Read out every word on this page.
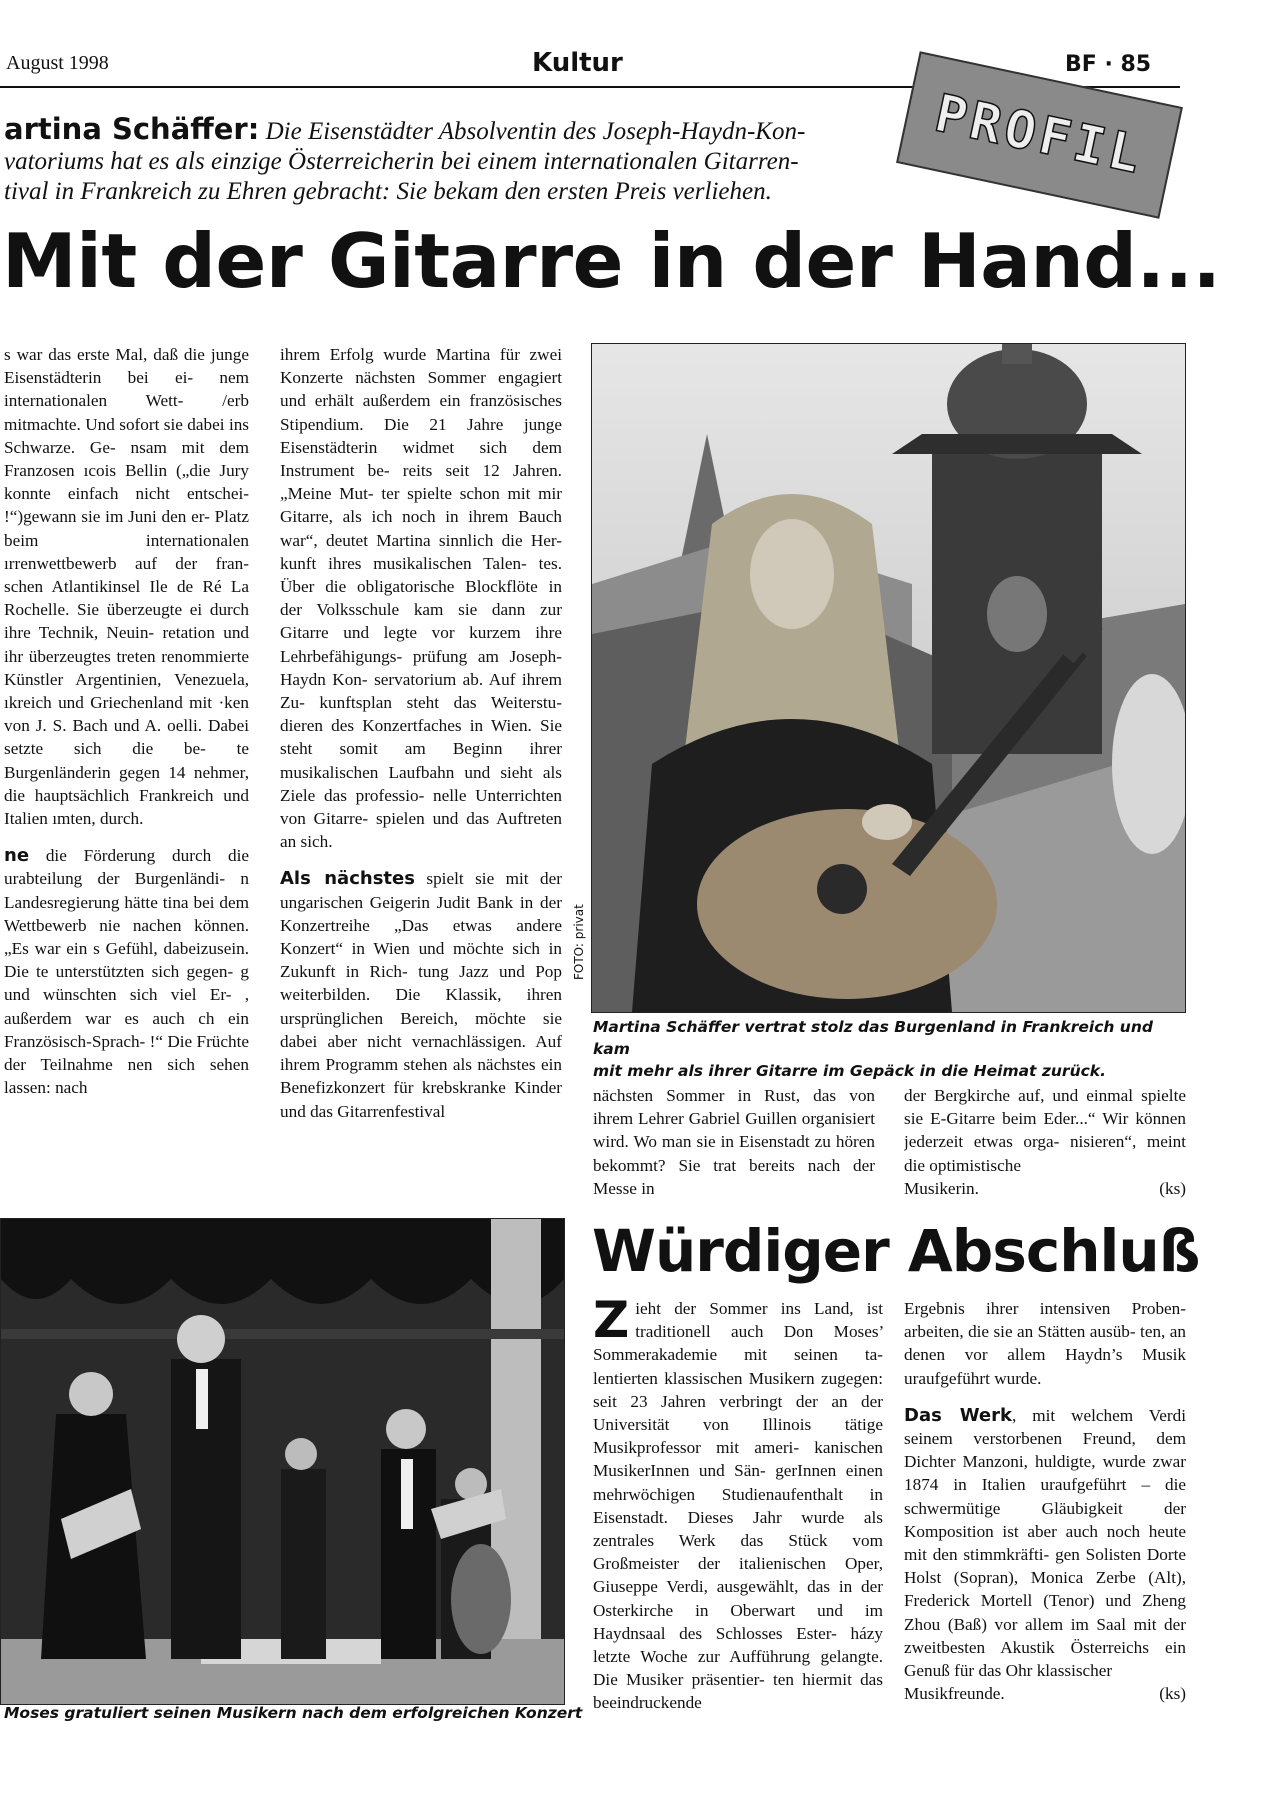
August 1998	Kultur	BF · 85
PROFIL
artina Schäffer: Die Eisenstädter Absolventin des Joseph-Haydn-Kon-
vatoriums hat es als einzige Österreicherin bei einem internationalen Gitarren-
tival in Frankreich zu Ehren gebracht: Sie bekam den ersten Preis verliehen.
Mit der Gitarre in der Hand...

s war das erste Mal, daß die junge Eisenstädterin bei ei- nem internationalen Wett- /erb mitmachte. Und sofort sie dabei ins Schwarze. Ge- nsam mit dem Franzosen ıcois Bellin („die Jury konnte einfach nicht entschei- !“)gewann sie im Juni den er- Platz beim internationalen ırrenwettbewerb auf der fran- schen Atlantikinsel Ile de Ré La Rochelle. Sie überzeugte ei durch ihre Technik, Neuin- retation und ihr überzeugtes treten renommierte Künstler Argentinien, Venezuela, ıkreich und Griechenland mit ·ken von J. S. Bach und A. oelli. Dabei setzte sich die be- te Burgenländerin gegen 14 nehmer, die hauptsächlich Frankreich und Italien ımten, durch.

ne die Förderung durch die urabteilung der Burgenländi- n Landesregierung hätte tina bei dem Wettbewerb nie nachen können. „Es war ein s Gefühl, dabeizusein. Die te unterstützten sich gegen- g und wünschten sich viel Er- , außerdem war es auch ch ein Französisch-Sprach- !“ Die Früchte der Teilnahme nen sich sehen lassen: nach

ihrem Erfolg wurde Martina für zwei Konzerte nächsten Sommer engagiert und erhält außerdem ein französisches Stipendium. Die 21 Jahre junge Eisenstädterin widmet sich dem Instrument be- reits seit 12 Jahren. „Meine Mut- ter spielte schon mit mir Gitarre, als ich noch in ihrem Bauch war“, deutet Martina sinnlich die Her- kunft ihres musikalischen Talen- tes. Über die obligatorische Blockflöte in der Volksschule kam sie dann zur Gitarre und legte vor kurzem ihre Lehrbefähigungs- prüfung am Joseph-Haydn Kon- servatorium ab. Auf ihrem Zu- kunftsplan steht das Weiterstu- dieren des Konzertfaches in Wien. Sie steht somit am Beginn ihrer musikalischen Laufbahn und sieht als Ziele das professio- nelle Unterrichten von Gitarre- spielen und das Auftreten an sich.

Als nächstes spielt sie mit der ungarischen Geigerin Judit Bank in der Konzertreihe „Das etwas andere Konzert“ in Wien und möchte sich in Zukunft in Rich- tung Jazz und Pop weiterbilden. Die Klassik, ihren ursprünglichen Bereich, möchte sie dabei aber nicht vernachlässigen. Auf ihrem Programm stehen als nächstes ein Benefizkonzert für krebskranke Kinder und das Gitarrenfestival

FOTO: privat
Martina Schäffer vertrat stolz das Burgenland in Frankreich und kam
mit mehr als ihrer Gitarre im Gepäck in die Heimat zurück.

nächsten Sommer in Rust, das von ihrem Lehrer Gabriel Guillen organisiert wird. Wo man sie in Eisenstadt zu hören bekommt? Sie trat bereits nach der Messe in

der Bergkirche auf, und einmal spielte sie E-Gitarre beim Eder...“ Wir können jederzeit etwas orga- nisieren“, meint die optimistische

Musikerin.	(ks)

Moses gratuliert seinen Musikern nach dem erfolgreichen Konzert
Würdiger Abschluß
Z ieht der Sommer ins Land, ist traditionell auch Don Moses’ Sommerakademie mit seinen ta- lentierten klassischen Musikern zugegen: seit 23 Jahren verbringt der an der Universität von Illinois tätige Musikprofessor mit ameri- kanischen MusikerInnen und Sän- gerInnen einen mehrwöchigen Studienaufenthalt in Eisenstadt. Dieses Jahr wurde als zentrales Werk das Stück vom Großmeister der italienischen Oper, Giuseppe Verdi, ausgewählt, das in der Osterkirche in Oberwart und im Haydnsaal des Schlosses Ester- házy letzte Woche zur Aufführung gelangte. Die Musiker präsentier- ten hiermit das beeindruckende

Ergebnis ihrer intensiven Proben- arbeiten, die sie an Stätten ausüb- ten, an denen vor allem Haydn’s Musik uraufgeführt wurde.

Das Werk, mit welchem Verdi seinem verstorbenen Freund, dem Dichter Manzoni, huldigte, wurde zwar 1874 in Italien uraufgeführt – die schwermütige Gläubigkeit der Komposition ist aber auch noch heute mit den stimmkräfti- gen Solisten Dorte Holst (Sopran), Monica Zerbe (Alt), Frederick Mortell (Tenor) und Zheng Zhou (Baß) vor allem im Saal mit der zweitbesten Akustik Österreichs ein Genuß für das Ohr klassischer

Musikfreunde.	(ks)
